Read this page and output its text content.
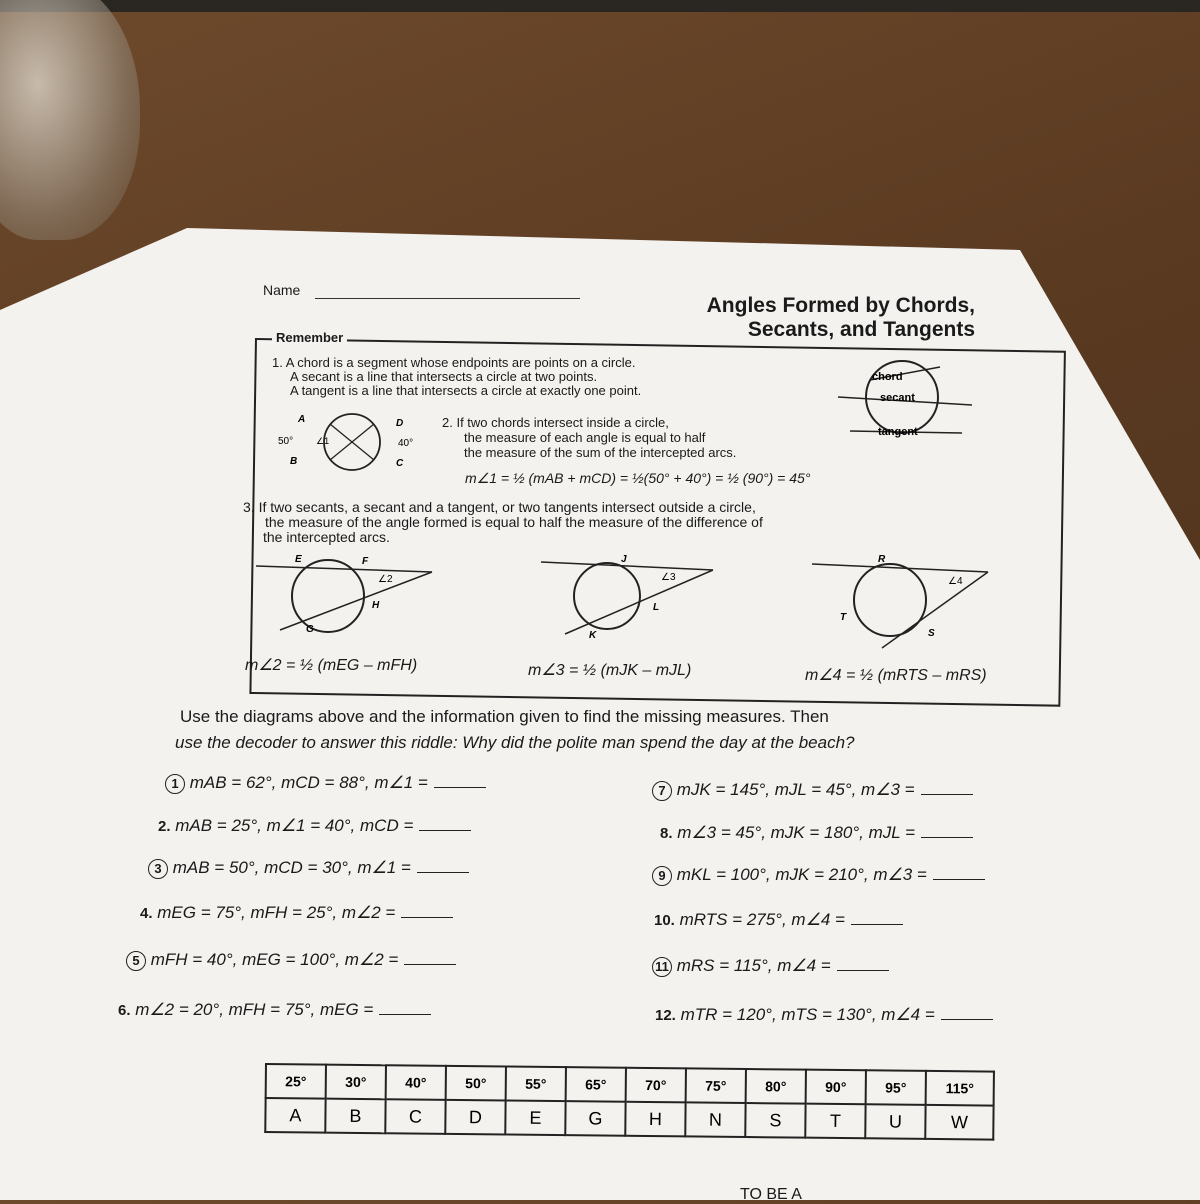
Name
Angles Formed by Chords,
Secants, and Tangents
Remember
1. A chord is a segment whose endpoints are points on a circle.
A secant is a line that intersects a circle at two points.
A tangent is a line that intersects a circle at exactly one point.
chord
secant
tangent
A
B	C
D
50°	40°
∠1
2. If two chords intersect inside a circle,
the measure of each angle is equal to half
the measure of the sum of the intercepted arcs.
m∠1 = ½ (mAB + mCD) = ½(50° + 40°) = ½ (90°) = 45°
3. If two secants, a secant and a tangent, or two tangents intersect outside a circle,
the measure of the angle formed is equal to half the measure of the difference of
the intercepted arcs.
E	F
G
H
∠2
J
K
L
∠3
R
S
T
∠4
m∠2 = ½ (mEG – mFH)	m∠3 = ½ (mJK – mJL)	m∠4 = ½ (mRTS – mRS)
Use the diagrams above and the information given to find the missing measures. Then
use the decoder to answer this riddle: Why did the polite man spend the day at the beach?
1 mAB = 62°, mCD = 88°, m∠1 =
2. mAB = 25°, m∠1 = 40°, mCD =
3 mAB = 50°, mCD = 30°, m∠1 =
4. mEG = 75°, mFH = 25°, m∠2 =
5 mFH = 40°, mEG = 100°, m∠2 =
6. m∠2 = 20°, mFH = 75°, mEG =
7 mJK = 145°, mJL = 45°, m∠3 =
8. m∠3 = 45°, mJK = 180°, mJL =
9 mKL = 100°, mJK = 210°, m∠3 =
10. mRTS = 275°, m∠4 =
11 mRS = 115°, m∠4 =
12. mTR = 120°, mTS = 130°, m∠4 =
25°	30°	40°	50°	55°	65°	70°	75°	80°	90°	95°	115°
A	B	C	D	E	G	H	N	S	T	U	W
TO BE A
